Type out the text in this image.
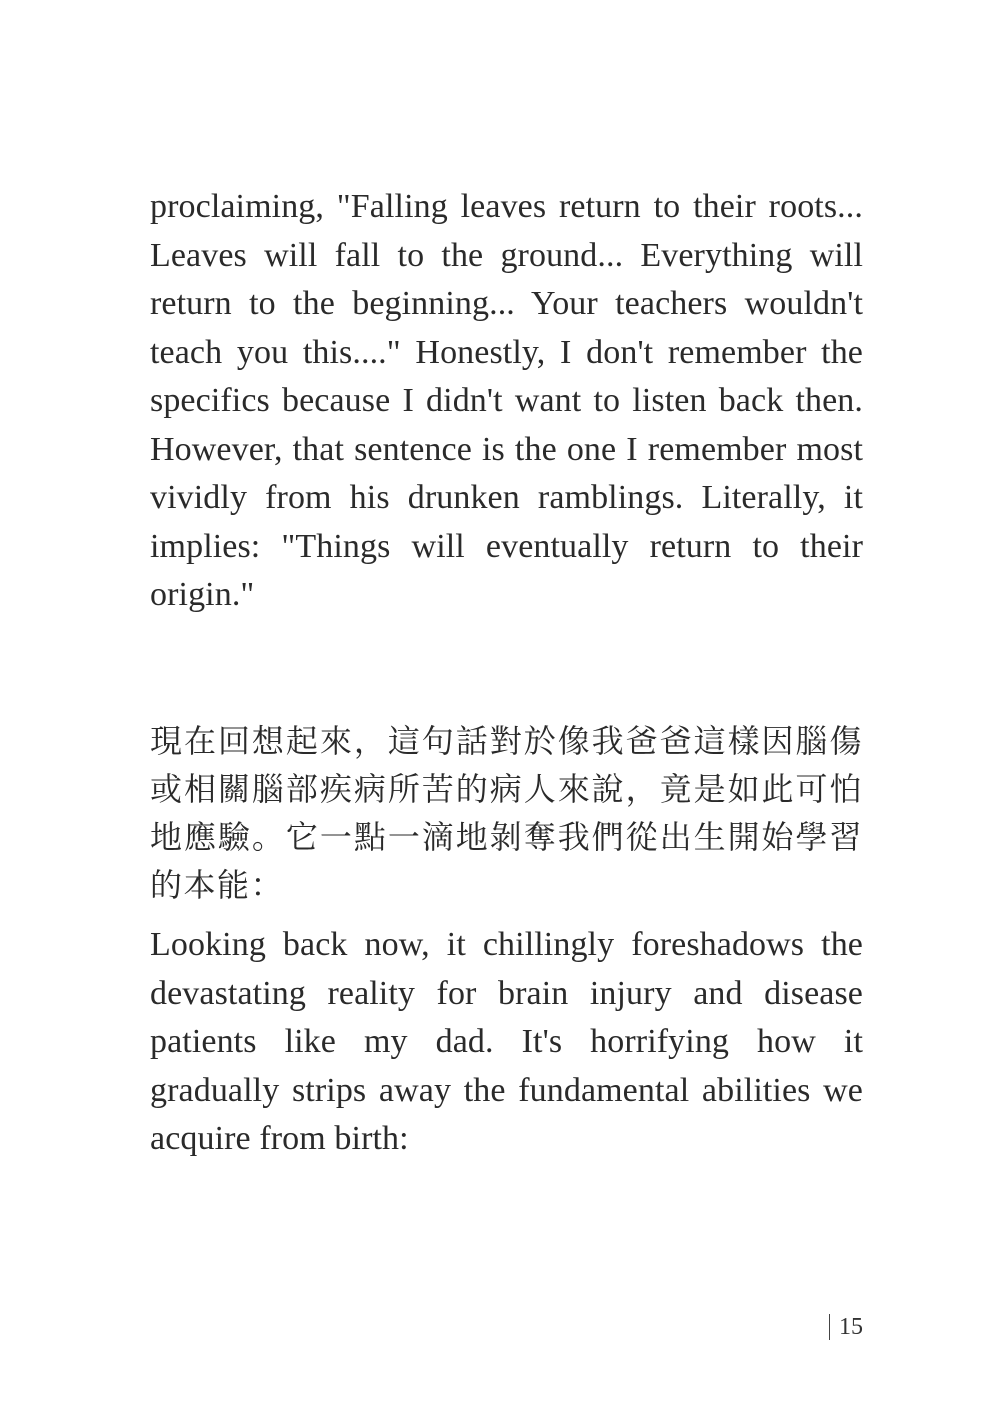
proclaiming, "Falling leaves return to their roots... Leaves will fall to the ground... Everything will return to the beginning... Your teachers wouldn't teach you this...." Honestly, I don't remember the specifics because I didn't want to listen back then. However, that sentence is the one I remember most vividly from his drunken ramblings. Literally, it implies: "Things will eventually return to their origin."

現在回想起來，這句話對於像我爸爸這樣因腦傷或相關腦部疾病所苦的病人來說，竟是如此可怕地應驗。它一點一滴地剝奪我們從出生開始學習的本能：

Looking back now, it chillingly foreshadows the devastating reality for brain injury and disease patients like my dad. It's horrifying how it gradually strips away the fundamental abilities we acquire from birth:

15
